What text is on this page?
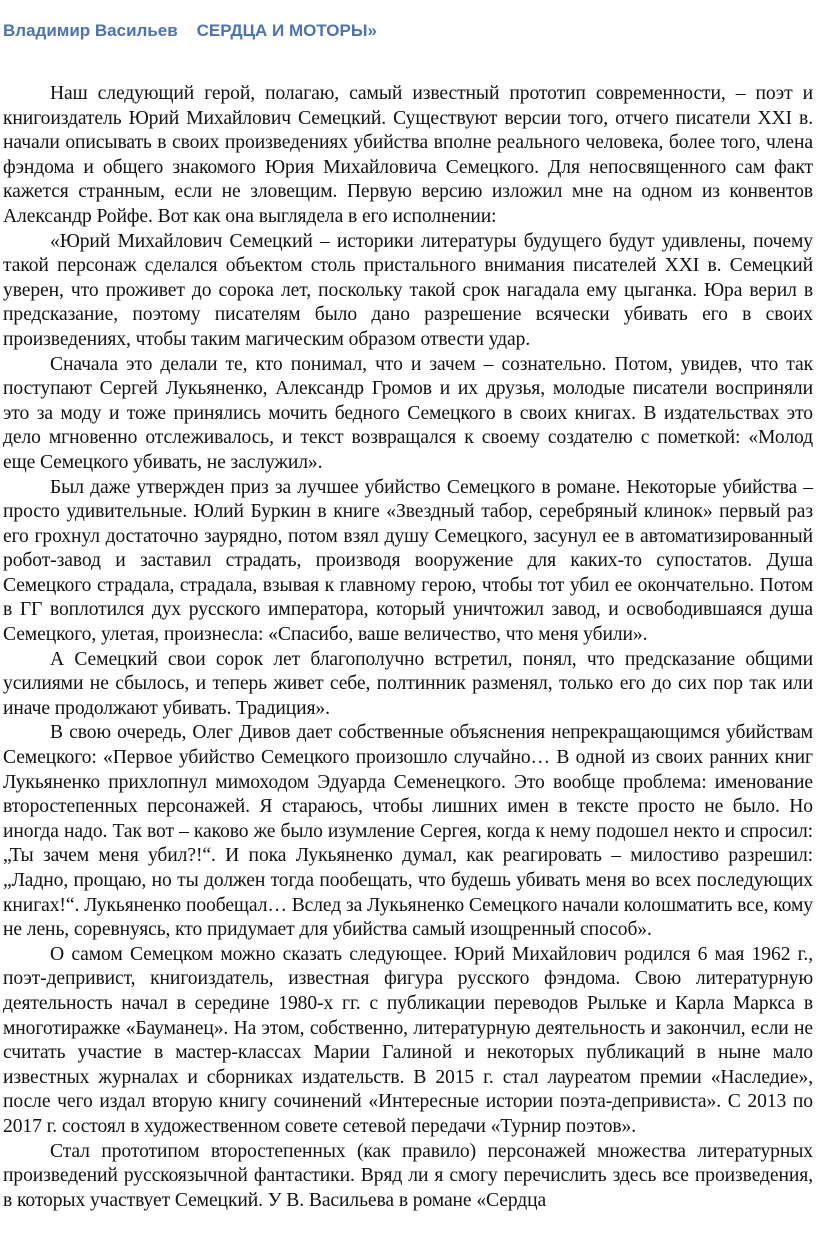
Владимир Васильев    СЕРДЦА И МОТОРЫ»

Наш следующий герой, полагаю, самый известный прототип современности, – поэт и книгоиздатель Юрий Михайлович Семецкий. Существуют версии того, отчего писатели XXI в. начали описывать в своих произведениях убийства вполне реального человека, более того, члена фэндома и общего знакомого Юрия Михайловича Семецкого. Для непосвященного сам факт кажется странным, если не зловещим. Первую версию изложил мне на одном из конвентов Александр Ройфе. Вот как она выглядела в его исполнении:

«Юрий Михайлович Семецкий – историки литературы будущего будут удивлены, почему такой персонаж сделался объектом столь пристального внимания писателей XXI в. Семецкий уверен, что проживет до сорока лет, поскольку такой срок нагадала ему цыганка. Юра верил в предсказание, поэтому писателям было дано разрешение всячески убивать его в своих произведениях, чтобы таким магическим образом отвести удар.

Сначала это делали те, кто понимал, что и зачем – сознательно. Потом, увидев, что так поступают Сергей Лукьяненко, Александр Громов и их друзья, молодые писатели восприняли это за моду и тоже принялись мочить бедного Семецкого в своих книгах. В издательствах это дело мгновенно отслеживалось, и текст возвращался к своему создателю с пометкой: «Молод еще Семецкого убивать, не заслужил».

Был даже утвержден приз за лучшее убийство Семецкого в романе. Некоторые убийства – просто удивительные. Юлий Буркин в книге «Звездный табор, серебряный клинок» первый раз его грохнул достаточно заурядно, потом взял душу Семецкого, засунул ее в автоматизированный робот-завод и заставил страдать, производя вооружение для каких-то супостатов. Душа Семецкого страдала, страдала, взывая к главному герою, чтобы тот убил ее окончательно. Потом в ГГ воплотился дух русского императора, который уничтожил завод, и освободившаяся душа Семецкого, улетая, произнесла: «Спасибо, ваше величество, что меня убили».

А Семецкий свои сорок лет благополучно встретил, понял, что предсказание общими усилиями не сбылось, и теперь живет себе, полтинник разменял, только его до сих пор так или иначе продолжают убивать. Традиция».

В свою очередь, Олег Дивов дает собственные объяснения непрекращающимся убийствам Семецкого: «Первое убийство Семецкого произошло случайно… В одной из своих ранних книг Лукьяненко прихлопнул мимоходом Эдуарда Семенецкого. Это вообще проблема: именование второстепенных персонажей. Я стараюсь, чтобы лишних имен в тексте просто не было. Но иногда надо. Так вот – каково же было изумление Сергея, когда к нему подошел некто и спросил: „Ты зачем меня убил?!“. И пока Лукьяненко думал, как реагировать – милостиво разрешил: „Ладно, прощаю, но ты должен тогда пообещать, что будешь убивать меня во всех последующих книгах!“. Лукьяненко пообещал… Вслед за Лукьяненко Семецкого начали колошматить все, кому не лень, соревнуясь, кто придумает для убийства самый изощренный способ».

О самом Семецком можно сказать следующее. Юрий Михайлович родился 6 мая 1962 г., поэт-депривист, книгоиздатель, известная фигура русского фэндома. Свою литературную деятельность начал в середине 1980-х гг. с публикации переводов Рыльке и Карла Маркса в многотиражке «Бауманец». На этом, собственно, литературную деятельность и закончил, если не считать участие в мастер-классах Марии Галиной и некоторых публикаций в ныне мало известных журналах и сборниках издательств. В 2015 г. стал лауреатом премии «Наследие», после чего издал вторую книгу сочинений «Интересные истории поэта-депривиста». С 2013 по 2017 г. состоял в художественном совете сетевой передачи «Турнир поэтов».

Стал прототипом второстепенных (как правило) персонажей множества литературных произведений русскоязычной фантастики. Вряд ли я смогу перечислить здесь все произведения, в которых участвует Семецкий. У В. Васильева в романе «Сердца
